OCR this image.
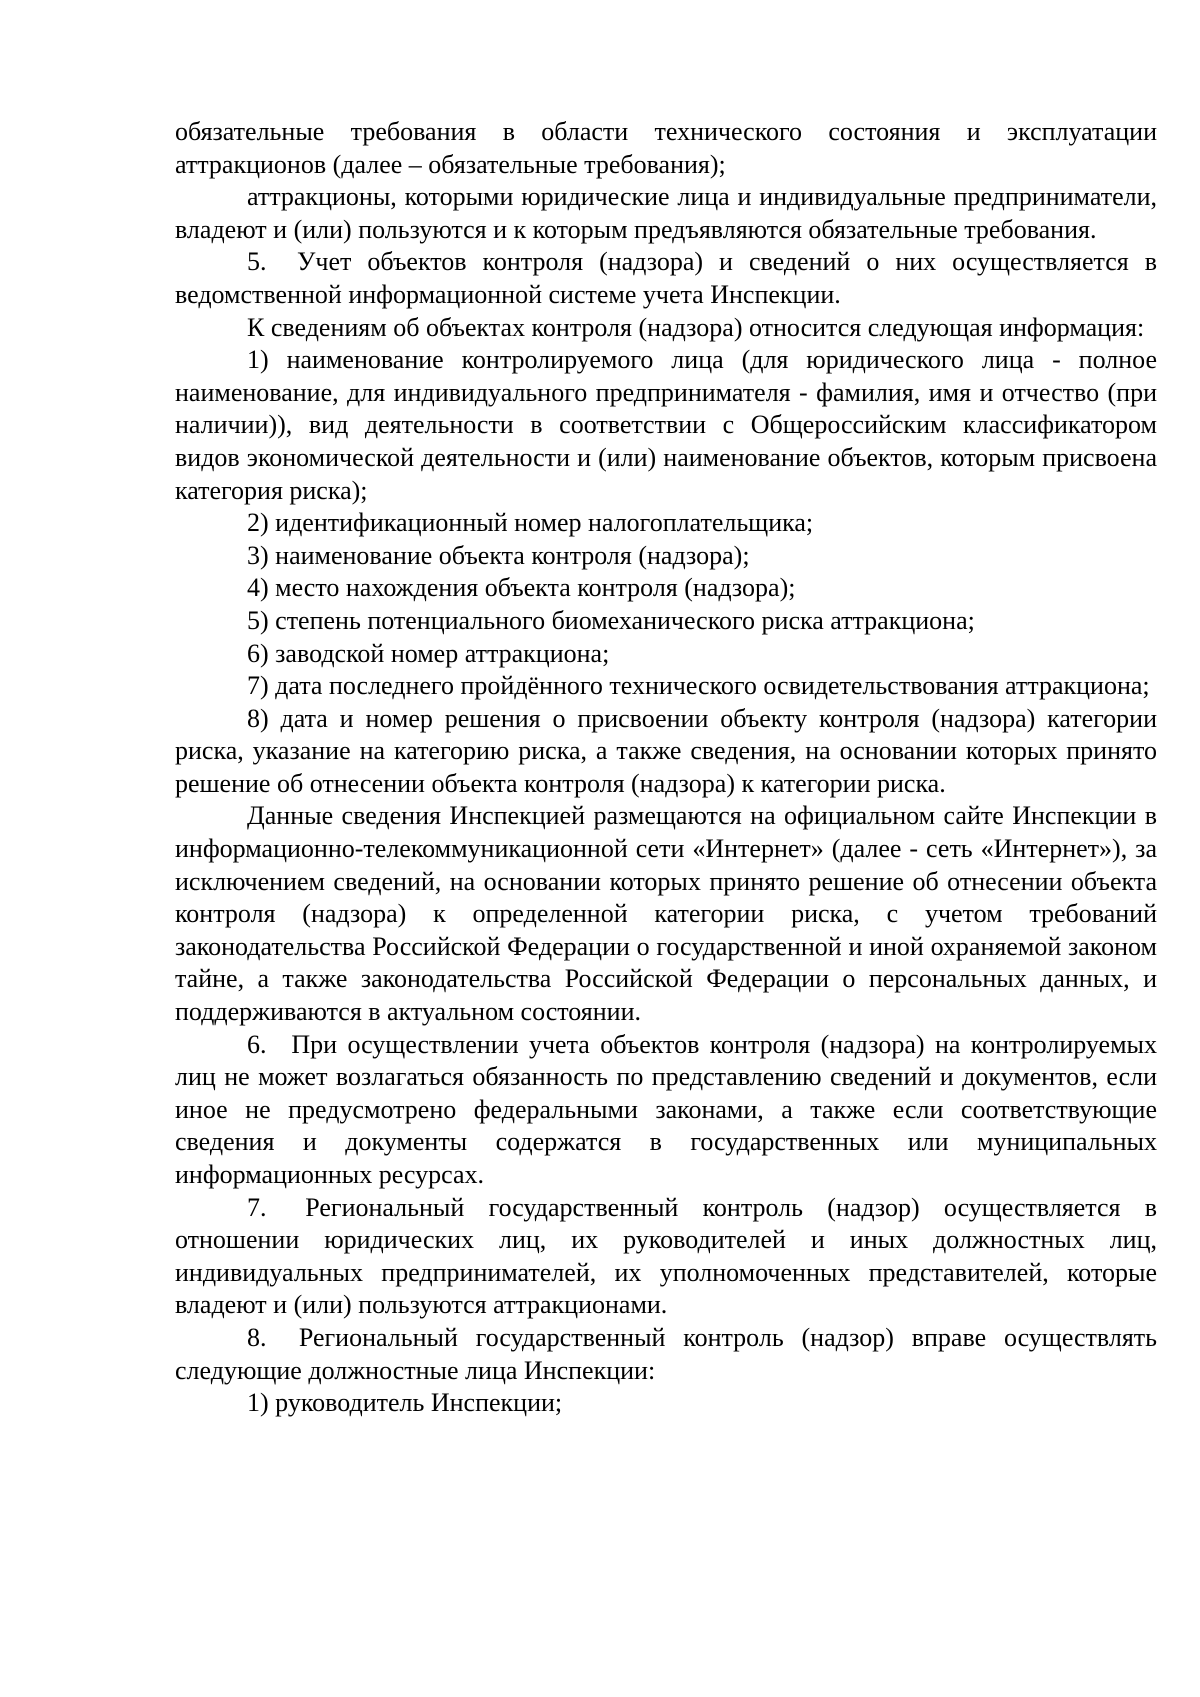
обязательные требования в области технического состояния и эксплуатации аттракционов (далее – обязательные требования);

аттракционы, которыми юридические лица и индивидуальные предприниматели, владеют и (или) пользуются и к которым предъявляются обязательные требования.

5. Учет объектов контроля (надзора) и сведений о них осуществляется в ведомственной информационной системе учета Инспекции.

К сведениям об объектах контроля (надзора) относится следующая информация:

1) наименование контролируемого лица (для юридического лица - полное наименование, для индивидуального предпринимателя - фамилия, имя и отчество (при наличии)), вид деятельности в соответствии с Общероссийским классификатором видов экономической деятельности и (или) наименование объектов, которым присвоена категория риска);

2) идентификационный номер налогоплательщика;

3) наименование объекта контроля (надзора);

4) место нахождения объекта контроля (надзора);

5) степень потенциального биомеханического риска аттракциона;

6) заводской номер аттракциона;

7) дата последнего пройдённого технического освидетельствования аттракциона;

8) дата и номер решения о присвоении объекту контроля (надзора) категории риска, указание на категорию риска, а также сведения, на основании которых принято решение об отнесении объекта контроля (надзора) к категории риска.

Данные сведения Инспекцией размещаются на официальном сайте Инспекции в информационно-телекоммуникационной сети «Интернет» (далее - сеть «Интернет»), за исключением сведений, на основании которых принято решение об отнесении объекта контроля (надзора) к определенной категории риска, с учетом требований законодательства Российской Федерации о государственной и иной охраняемой законом тайне, а также законодательства Российской Федерации о персональных данных, и поддерживаются в актуальном состоянии.

6. При осуществлении учета объектов контроля (надзора) на контролируемых лиц не может возлагаться обязанность по представлению сведений и документов, если иное не предусмотрено федеральными законами, а также если соответствующие сведения и документы содержатся в государственных или муниципальных информационных ресурсах.

7. Региональный государственный контроль (надзор) осуществляется в отношении юридических лиц, их руководителей и иных должностных лиц, индивидуальных предпринимателей, их уполномоченных представителей, которые владеют и (или) пользуются аттракционами.

8. Региональный государственный контроль (надзор) вправе осуществлять следующие должностные лица Инспекции:

1) руководитель Инспекции;
